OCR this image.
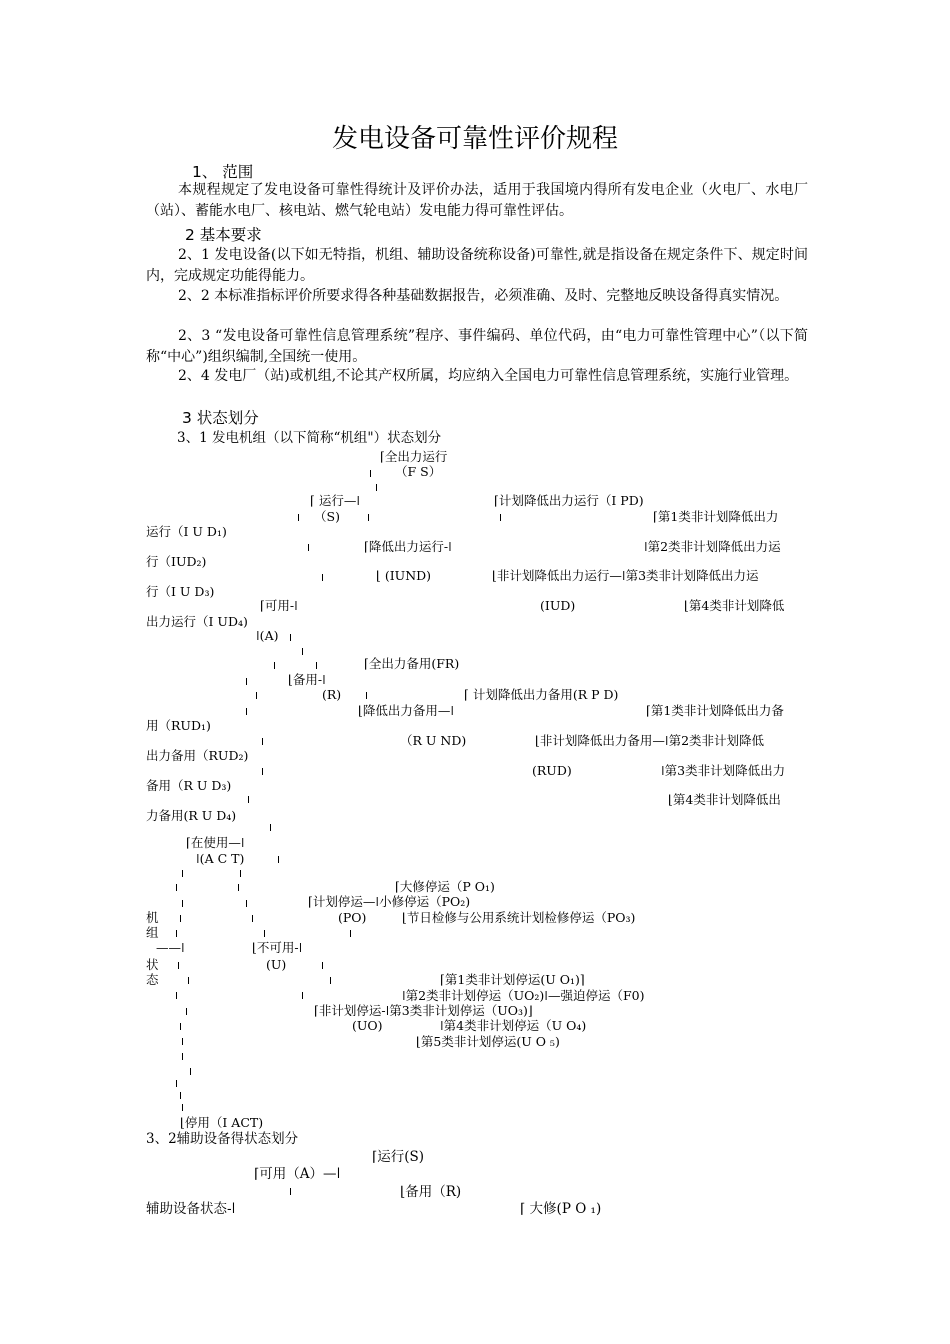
发电设备可靠性评价规程
1、 范围
本规程规定了发电设备可靠性得统计及评价办法，适用于我国境内得所有发电企业（火电厂、水电厂（站）、蓄能水电厂、核电站、燃气轮电站）发电能力得可靠性评估。
2 基本要求
2、1 发电设备(以下如无特指，机组、辅助设备统称设备)可靠性,就是指设备在规定条件下、规定时间内，完成规定功能得能力。
2、2 本标准指标评价所要求得各种基础数据报告，必须准确、及时、完整地反映设备得真实情况。
2、3 “发电设备可靠性信息管理系统”程序、事件编码、单位代码，由“电力可靠性管理中心”（以下简称“中心”)组织编制,全国统一使用。
2、4 发电厂（站)或机组,不论其产权所属，均应纳入全国电力可靠性信息管理系统，实施行业管理。
3 状态划分
3、1 发电机组（以下简称“机组"）状态划分
⌈全出力运行
（F S）
⌈ 运行—ǀ	⌈计划降低出力运行（I PD)
（S)	⌈第1类非计划降低出力
运行（I U D₁)
⌈降低出力运行-ǀ	ǀ第2类非计划降低出力运
行（IUD₂)
⌊ (IUND)	⌊非计划降低出力运行—ǀ第3类非计划降低出力运
行（I U D₃)
⌈可用-ǀ	(IUD)	⌊第4类非计划降低
出力运行（I UD₄)
ǀ(A)
⌈全出力备用(FR)
⌊备用-ǀ
(R)	⌈ 计划降低出力备用(R P D)
⌊降低出力备用—ǀ	⌈第1类非计划降低出力备
用（RUD₁)
（R U ND)	⌊非计划降低出力备用—ǀ第2类非计划降低
出力备用（RUD₂)
(RUD)	ǀ第3类非计划降低出力
备用（R U D₃)
⌊第4类非计划降低出
力备用(R U D₄)
⌈在使用—ǀ
ǀ(A C T)
⌈大修停运（P O₁)
⌈计划停运—ǀ小修停运（PO₂)
机	(PO)	⌊节日检修与公用系统计划检修停运（PO₃)
组
——ǀ	⌊不可用-ǀ
状	(U)
态	⌈第1类非计划停运(U O₁)⌉
ǀ第2类非计划停运（UO₂)ǀ—强迫停运（F0)
⌈非计划停运-ǀ第3类非计划停运（UO₃)⌋
(UO)	ǀ第4类非计划停运（U O₄)
⌊第5类非计划停运(U O ₅)
⌊停用（I ACT)
3、2辅助设备得状态划分
⌈运行(S)
⌈可用（A）—ǀ
⌊备用（R)
辅助设备状态-ǀ	⌈ 大修(P O ₁)
